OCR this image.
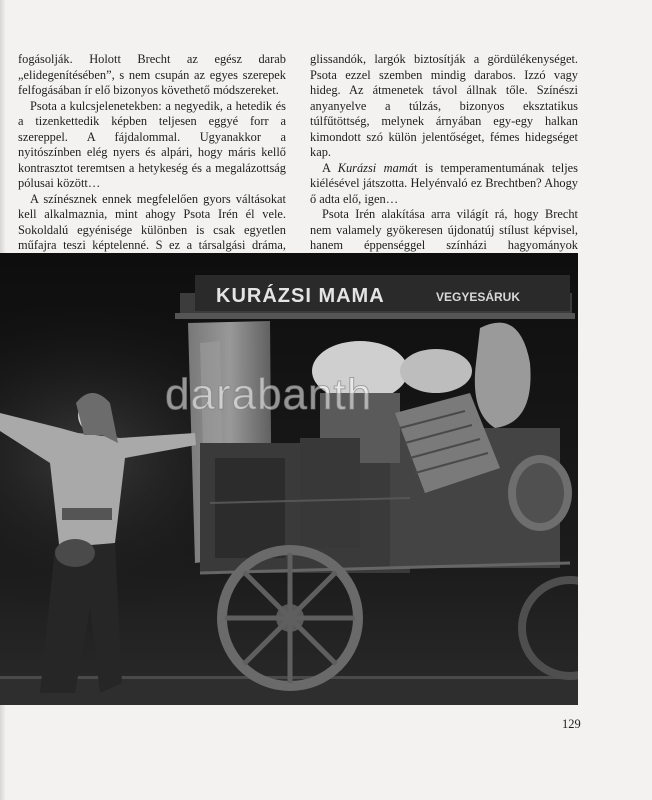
fogásolják. Holott Brecht az egész darab „elidegenítésében”, s nem csupán az egyes szerepek felfogásában ír elő bizonyos követhető módszereket.

Psota a kulcsjelenetekben: a negyedik, a hetedik és a tizenkettedik képben teljesen eggyé forr a szereppel. A fájdalommal. Ugyanakkor a nyitószínben elég nyers és alpári, hogy máris kellő kontrasztot teremtsen a hetykeség és a megalázottság pólusai között…

A színésznek ennek megfelelően gyors váltásokat kell alkalmaznia, mint ahogy Psota Irén él vele. Sokoldalú egyénisége különben is csak egyetlen műfajra teszi képtelenné. S ez a társalgási dráma,

glissandók, largók biztosítják a gördülékenységet. Psota ezzel szemben mindig darabos. Izzó vagy hideg. Az átmenetek távol állnak tőle. Színészi anyanyelve a túlzás, bizonyos eksztatikus túlfűtöttség, melynek árnyában egy-egy halkan kimondott szó külön jelentőséget, fémes hidegséget kap.

A Kurázsi mamát is temperamentumának teljes kiélésével játszotta. Helyénvaló ez Brechtben? Ahogy ő adta elő, igen…

Psota Irén alakítása arra világít rá, hogy Brecht nem valamely gyökeresen újdonatúj stílust képvisel, hanem éppenséggel színházi hagyományok

KURÁZSI MAMA	VEGYESÁRUK
darabanth
129
